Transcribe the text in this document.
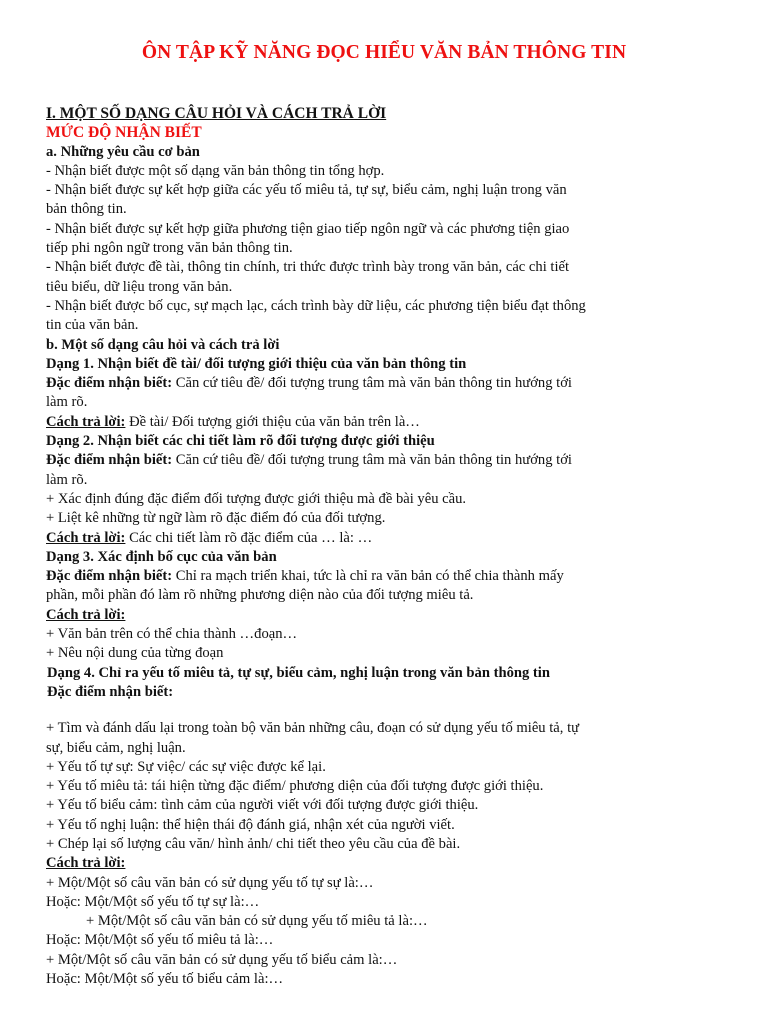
ÔN TẬP KỸ NĂNG ĐỌC HIỂU VĂN BẢN THÔNG TIN
I. MỘT SỐ DẠNG CÂU HỎI VÀ CÁCH TRẢ LỜI
MỨC ĐỘ NHẬN BIẾT
a. Những yêu cầu cơ bản
- Nhận biết được một số dạng văn bản thông tin tổng hợp.
- Nhận biết được sự kết hợp giữa các yếu tố miêu tả, tự sự, biểu cảm, nghị luận trong văn
bản thông tin.
- Nhận biết được sự kết hợp giữa phương tiện giao tiếp ngôn ngữ và các phương tiện giao
tiếp phi ngôn ngữ trong văn bản thông tin.
- Nhận biết được đề tài, thông tin chính, tri thức được trình bày trong văn bản, các chi tiết
tiêu biểu, dữ liệu trong văn bản.
- Nhận biết được bố cục, sự mạch lạc, cách trình bày dữ liệu, các phương tiện biểu đạt thông
tin của văn bản.
b. Một số dạng câu hỏi và cách trả lời
Dạng 1. Nhận biết đề tài/ đối tượng giới thiệu của văn bản thông tin
Đặc điểm nhận biết: Căn cứ tiêu đề/ đối tượng trung tâm mà văn bản thông tin hướng tới
làm rõ.
Cách trả lời: Đề tài/ Đối tượng giới thiệu của văn bản trên là…
Dạng 2. Nhận biết các chi tiết làm rõ đối tượng được giới thiệu
Đặc điểm nhận biết: Căn cứ tiêu đề/ đối tượng trung tâm mà văn bản thông tin hướng tới
làm rõ.
+ Xác định đúng đặc điểm đối tượng được giới thiệu mà đề bài yêu cầu.
+ Liệt kê những từ ngữ làm rõ đặc điểm đó của đối tượng.
Cách trả lời: Các chi tiết làm rõ đặc điểm của … là: …
Dạng 3. Xác định bố cục của văn bản
Đặc điểm nhận biết: Chỉ ra mạch triển khai, tức là chỉ ra văn bản có thể chia thành mấy
phần, mỗi phần đó làm rõ những phương diện nào của đối tượng miêu tả.
Cách trả lời:
+ Văn bản trên có thể chia thành …đoạn…
+ Nêu nội dung của từng đoạn
Dạng 4. Chỉ ra yếu tố miêu tả, tự sự, biểu cảm, nghị luận trong văn bản thông tin
Đặc điểm nhận biết:
+ Tìm và đánh dấu lại trong toàn bộ văn bản những câu, đoạn có sử dụng yếu tố miêu tả, tự
sự, biểu cảm, nghị luận.
+ Yếu tố tự sự: Sự việc/ các sự việc được kể lại.
+ Yếu tố miêu tả: tái hiện từng đặc điểm/ phương diện của đối tượng được giới thiệu.
+ Yếu tố biểu cảm: tình cảm của người viết với đối tượng được giới thiệu.
+ Yếu tố nghị luận: thể hiện thái độ đánh giá, nhận xét của người viết.
+ Chép lại số lượng câu văn/ hình ảnh/ chi tiết theo yêu cầu của đề bài.
Cách trả lời:
+ Một/Một số câu văn bản có sử dụng yếu tố tự sự là:…
Hoặc: Một/Một số yếu tố tự sự là:…
+ Một/Một số câu văn bản có sử dụng yếu tố miêu tả là:…
Hoặc: Một/Một số yếu tố miêu tả là:…
+ Một/Một số câu văn bản có sử dụng yếu tố biểu cảm là:…
Hoặc: Một/Một số yếu tố biểu cảm là:…
